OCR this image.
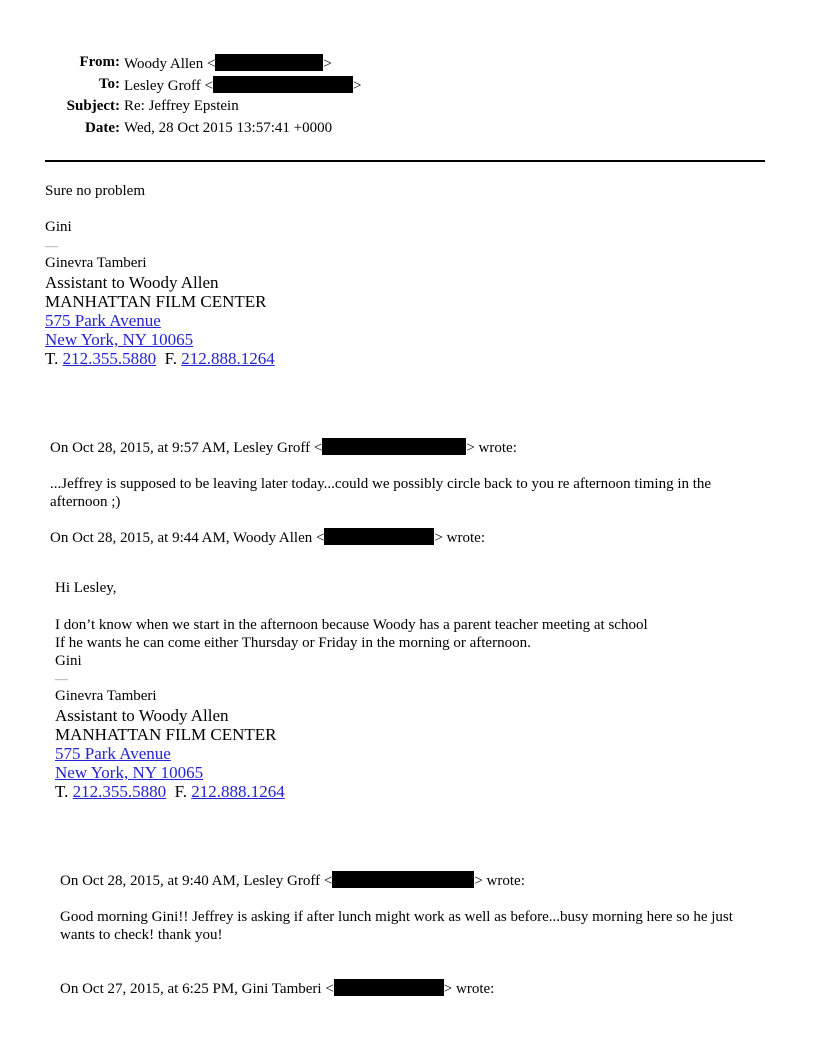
From: Woody Allen <	>
To: Lesley Groff <	>
Subject: Re: Jeffrey Epstein
Date: Wed, 28 Oct 2015 13:57:41 +0000
Sure no problem
Gini
—
Ginevra Tamberi
Assistant to Woody Allen
MANHATTAN FILM CENTER
575 Park Avenue
New York, NY 10065
T. 212.355.5880  F. 212.888.1264
On Oct 28, 2015, at 9:57 AM, Lesley Groff <	> wrote:
...Jeffrey is supposed to be leaving later today...could we possibly circle back to you re afternoon timing in the afternoon ;)
On Oct 28, 2015, at 9:44 AM, Woody Allen <	> wrote:
Hi Lesley,
I don’t know when we start in the afternoon because Woody has a parent teacher meeting at school
If he wants he can come either Thursday or Friday in the morning or afternoon.
Gini
—
Ginevra Tamberi
Assistant to Woody Allen
MANHATTAN FILM CENTER
575 Park Avenue
New York, NY 10065
T. 212.355.5880  F. 212.888.1264
On Oct 28, 2015, at 9:40 AM, Lesley Groff <	> wrote:
Good morning Gini!! Jeffrey is asking if after lunch might work as well as before...busy morning here so he just wants to check! thank you!
On Oct 27, 2015, at 6:25 PM, Gini Tamberi <	> wrote:
